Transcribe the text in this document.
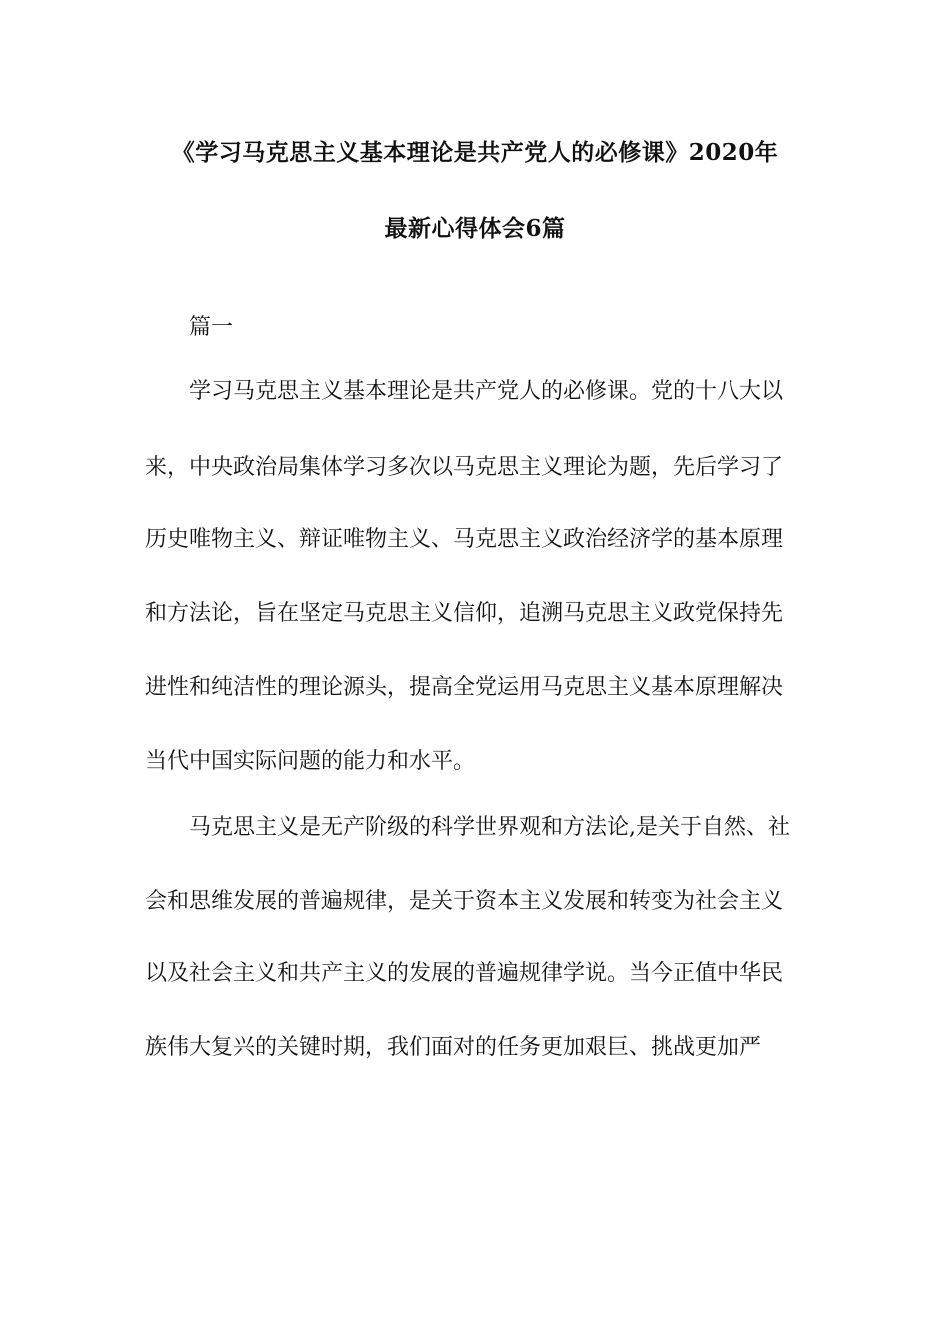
《学习马克思主义基本理论是共产党人的必修课》2020年
最新心得体会6篇
篇一
学习马克思主义基本理论是共产党人的必修课。党的十八大以
来，中央政治局集体学习多次以马克思主义理论为题，先后学习了
历史唯物主义、辩证唯物主义、马克思主义政治经济学的基本原理
和方法论，旨在坚定马克思主义信仰，追溯马克思主义政党保持先
进性和纯洁性的理论源头，提高全党运用马克思主义基本原理解决
当代中国实际问题的能力和水平。
马克思主义是无产阶级的科学世界观和方法论,是关于自然、社
会和思维发展的普遍规律，是关于资本主义发展和转变为社会主义
以及社会主义和共产主义的发展的普遍规律学说。当今正值中华民
族伟大复兴的关键时期，我们面对的任务更加艰巨、挑战更加严
